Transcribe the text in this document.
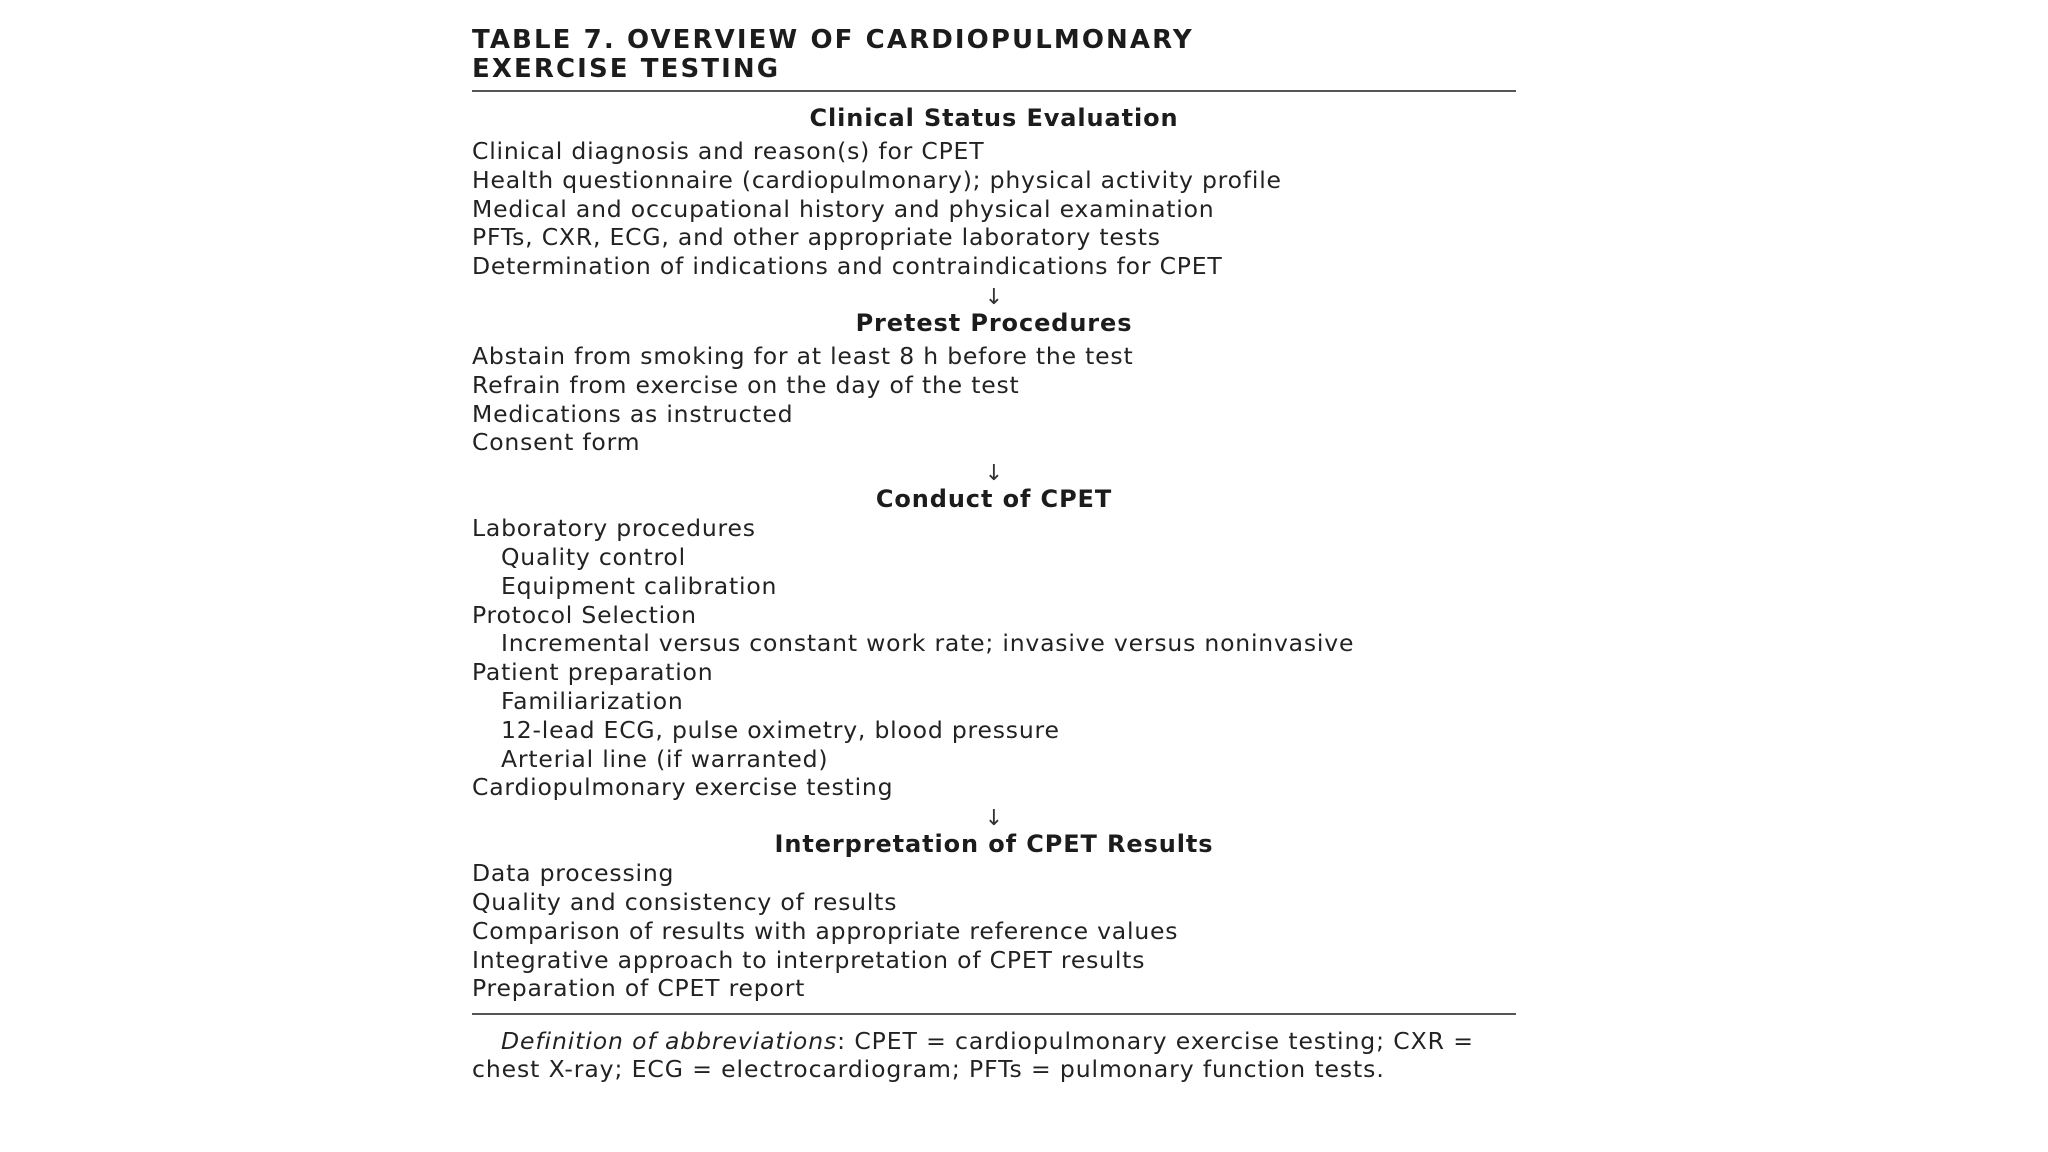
TABLE 7. OVERVIEW OF CARDIOPULMONARY
EXERCISE TESTING
Clinical Status Evaluation
Clinical diagnosis and reason(s) for CPET
Health questionnaire (cardiopulmonary); physical activity profile
Medical and occupational history and physical examination
PFTs, CXR, ECG, and other appropriate laboratory tests
Determination of indications and contraindications for CPET
↓
Pretest Procedures
Abstain from smoking for at least 8 h before the test
Refrain from exercise on the day of the test
Medications as instructed
Consent form
↓
Conduct of CPET
Laboratory procedures
Quality control
Equipment calibration
Protocol Selection
Incremental versus constant work rate; invasive versus noninvasive
Patient preparation
Familiarization
12-lead ECG, pulse oximetry, blood pressure
Arterial line (if warranted)
Cardiopulmonary exercise testing
↓
Interpretation of CPET Results
Data processing
Quality and consistency of results
Comparison of results with appropriate reference values
Integrative approach to interpretation of CPET results
Preparation of CPET report
Definition of abbreviations: CPET = cardiopulmonary exercise testing; CXR =
chest X-ray; ECG = electrocardiogram; PFTs = pulmonary function tests.
